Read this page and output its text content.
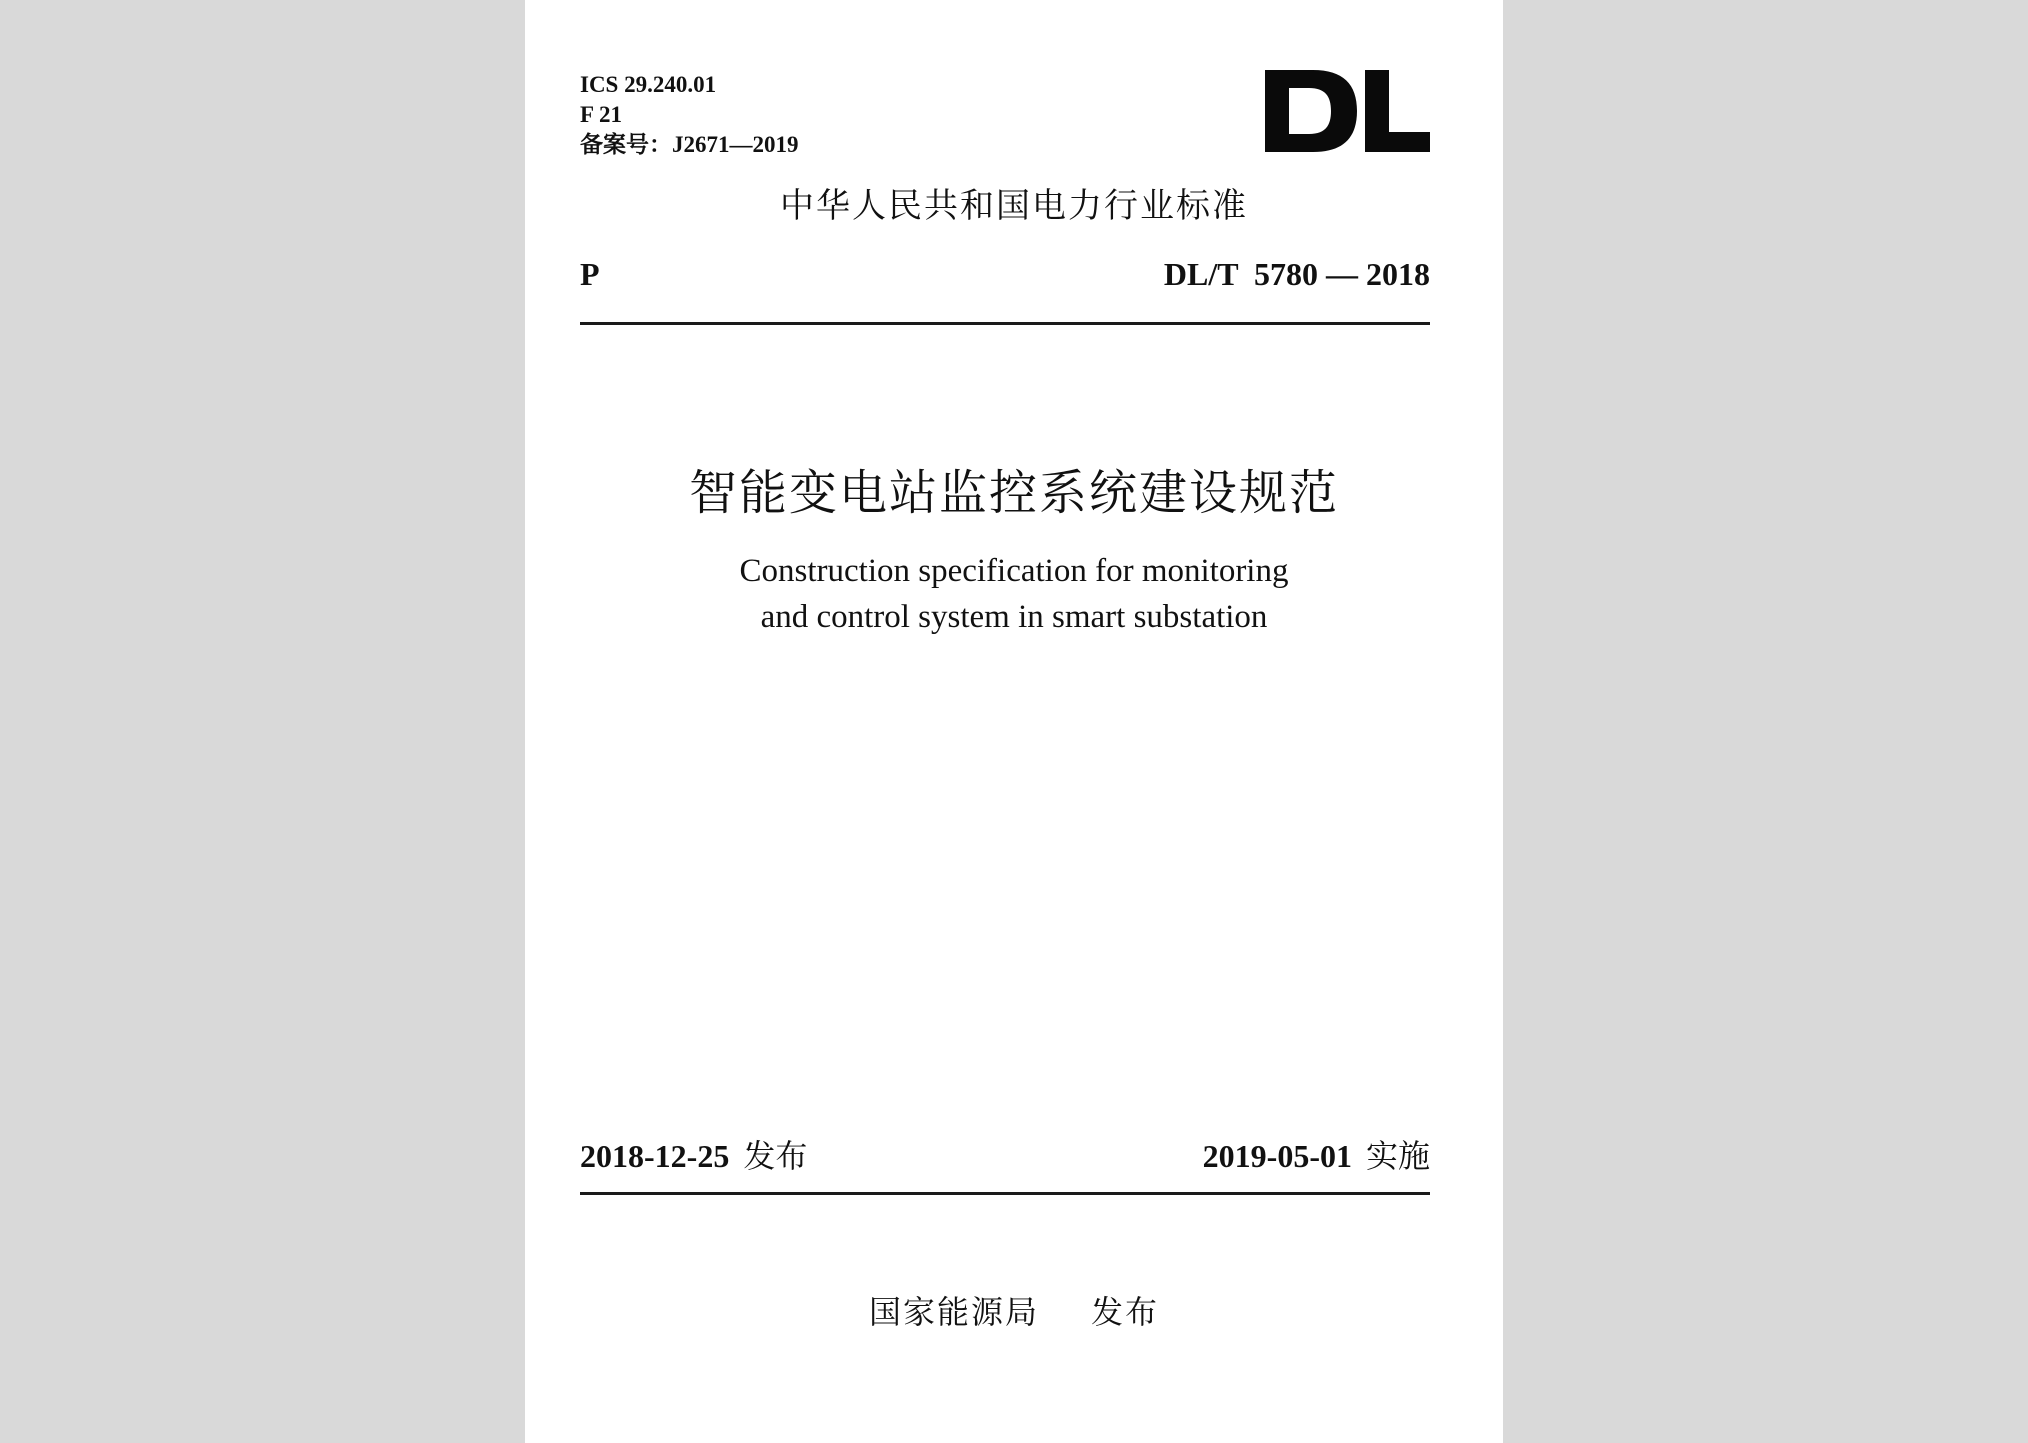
ICS 29.240.01
F 21
备案号：J2671—2019
中华人民共和国电力行业标准
P	DL/T  5780 — 2018
智能变电站监控系统建设规范
Construction specification for monitoring
and control system in smart substation
2018-12-25 发布	2019-05-01 实施
国家能源局 发布
